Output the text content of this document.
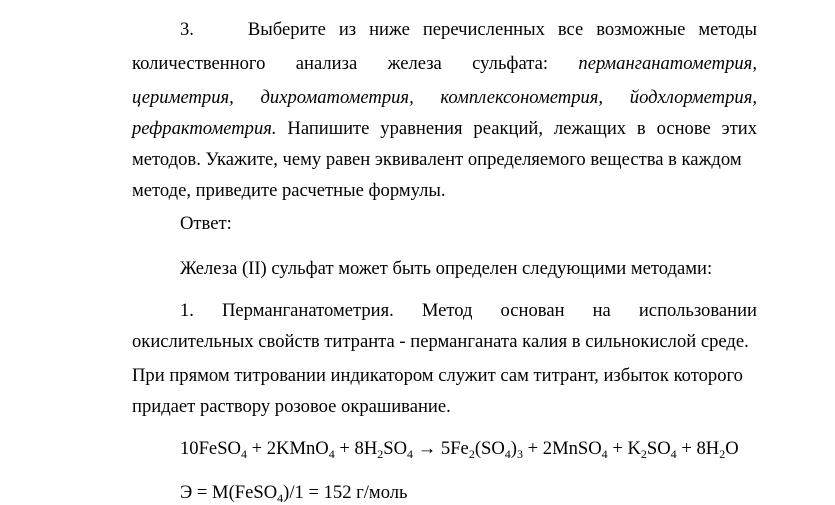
3.	Выберите из ниже перечисленных все возможные методы
количественного анализа железа сульфата: перманганатометрия,
цериметрия, дихроматометрия, комплексонометрия, йодхлорметрия,
рефрактометрия. Напишите уравнения реакций, лежащих в основе этих
методов. Укажите, чему равен эквивалент определяемого вещества в каждом
методе, приведите расчетные формулы.
Ответ:
Железа (II) сульфат может быть определен следующими методами:
1. Перманганатометрия. Метод основан на использовании
окислительных свойств титранта - перманганата калия в сильнокислой среде.
При прямом титровании индикатором служит сам титрант, избыток которого
придает раствору розовое окрашивание.
10FeSO$_4$ + 2KMnO$_4$ + $8H_2SO_4 \to 5Fe_2(SO_4)_3$ + 2MnSO$_4$ + $K_2SO_4 + 8H_2O$
Э = M(FeSO$_4$)/1 = 152 г/моль
